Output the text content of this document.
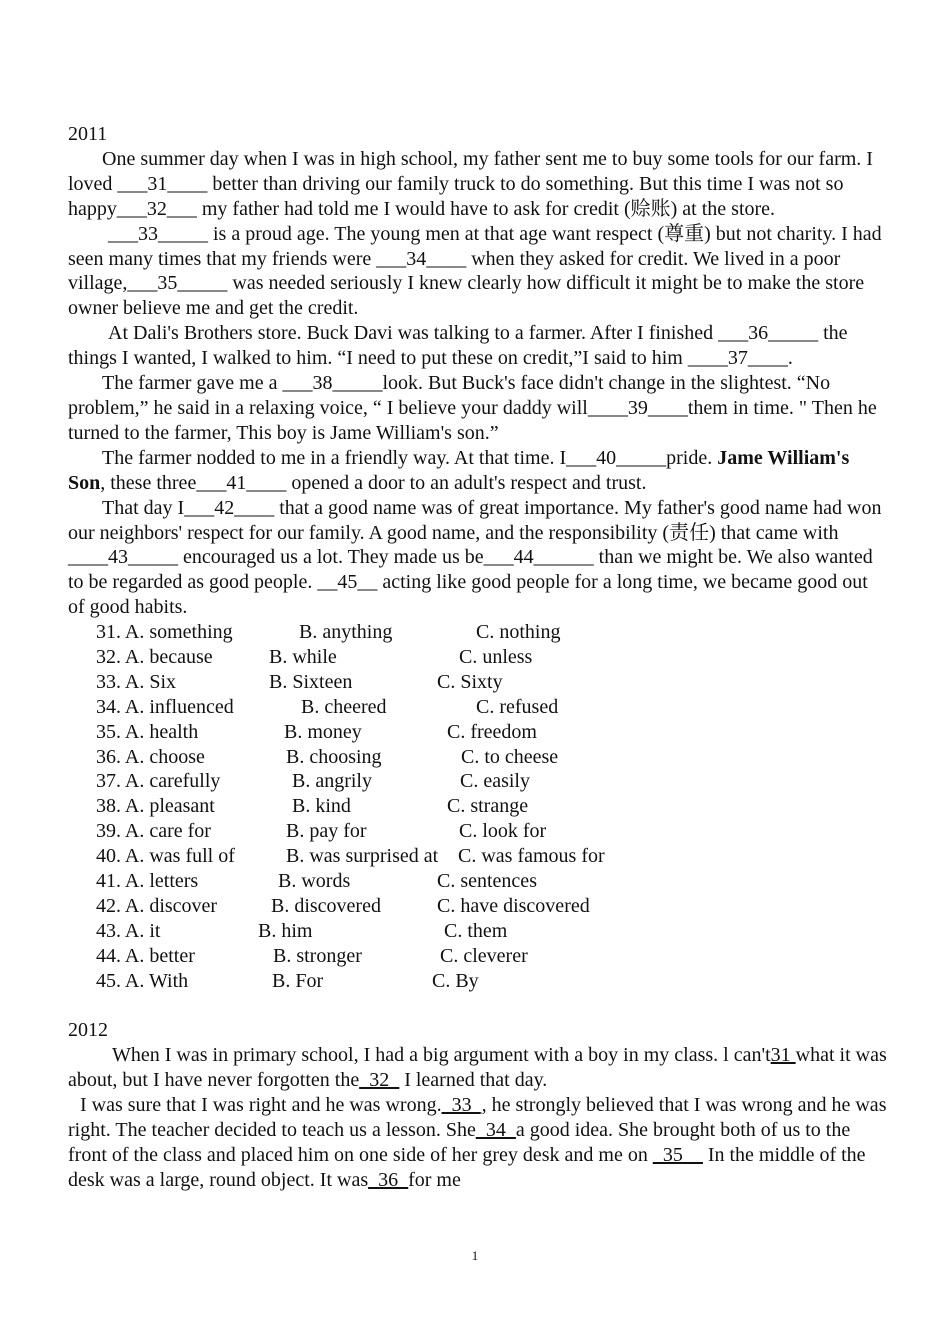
2011

One summer day when I was in high school, my father sent me to buy some tools for our farm. I loved ___31____ better than driving our family truck to do something. But this time I was not so happy___32___ my father had told me I would have to ask for credit (赊账) at the store.

___33_____ is a proud age. The young men at that age want respect (尊重) but not charity. I had seen many times that my friends were ___34____ when they asked for credit. We lived in a poor village,___35_____ was needed seriously I knew clearly how difficult it might be to make the store owner believe me and get the credit.

At Dali's Brothers store. Buck Davi was talking to a farmer. After I finished ___36_____ the things I wanted, I walked to him. “I need to put these on credit,”I said to him ____37____.

The farmer gave me a ___38_____look. But Buck's face didn't change in the slightest. “No problem,” he said in a relaxing voice, “ I believe your daddy will____39____them in time. " Then he turned to the farmer, This boy is Jame William's son.”

The farmer nodded to me in a friendly way. At that time. I___40_____pride. Jame William's Son, these three___41____ opened a door to an adult's respect and trust.

That day I___42____ that a good name was of great importance. My father's good name had won our neighbors' respect for our family. A good name, and the responsibility (责任) that came with ____43_____ encouraged us a lot. They made us be___44______ than we might be. We also wanted to be regarded as good people. __45__ acting like good people for a long time, we became good out of good habits.

31. A. something	B. anything	C. nothing
32. A. because	B. while	C. unless
33. A. Six	B. Sixteen	C. Sixty
34. A. influenced	B. cheered	C. refused
35. A. health	B. money	C. freedom
36. A. choose	B. choosing	C. to cheese
37. A. carefully	B. angrily	C. easily
38. A. pleasant	B. kind	C. strange
39. A. care for	B. pay for	C. look for
40. A. was full of	B. was surprised at C. was famous for
41. A. letters	B. words	C. sentences
42. A. discover	B. discovered	C. have discovered
43. A. it	B. him	C. them
44. A. better	B. stronger	C. cleverer
45. A. With	B. For	C. By
2012

When I was in primary school, I had a big argument with a boy in my class. l can't31 what it was about, but I have never forgotten the_32_ I learned that day.

I was sure that I was right and he was wrong._33_, he strongly believed that I was wrong and he was right. The teacher decided to teach us a lesson. She_34_a good idea. She brought both of us to the front of the class and placed him on one side of her grey desk and me on _35__ In the middle of the desk was a large, round object. It was_36_for me

1
